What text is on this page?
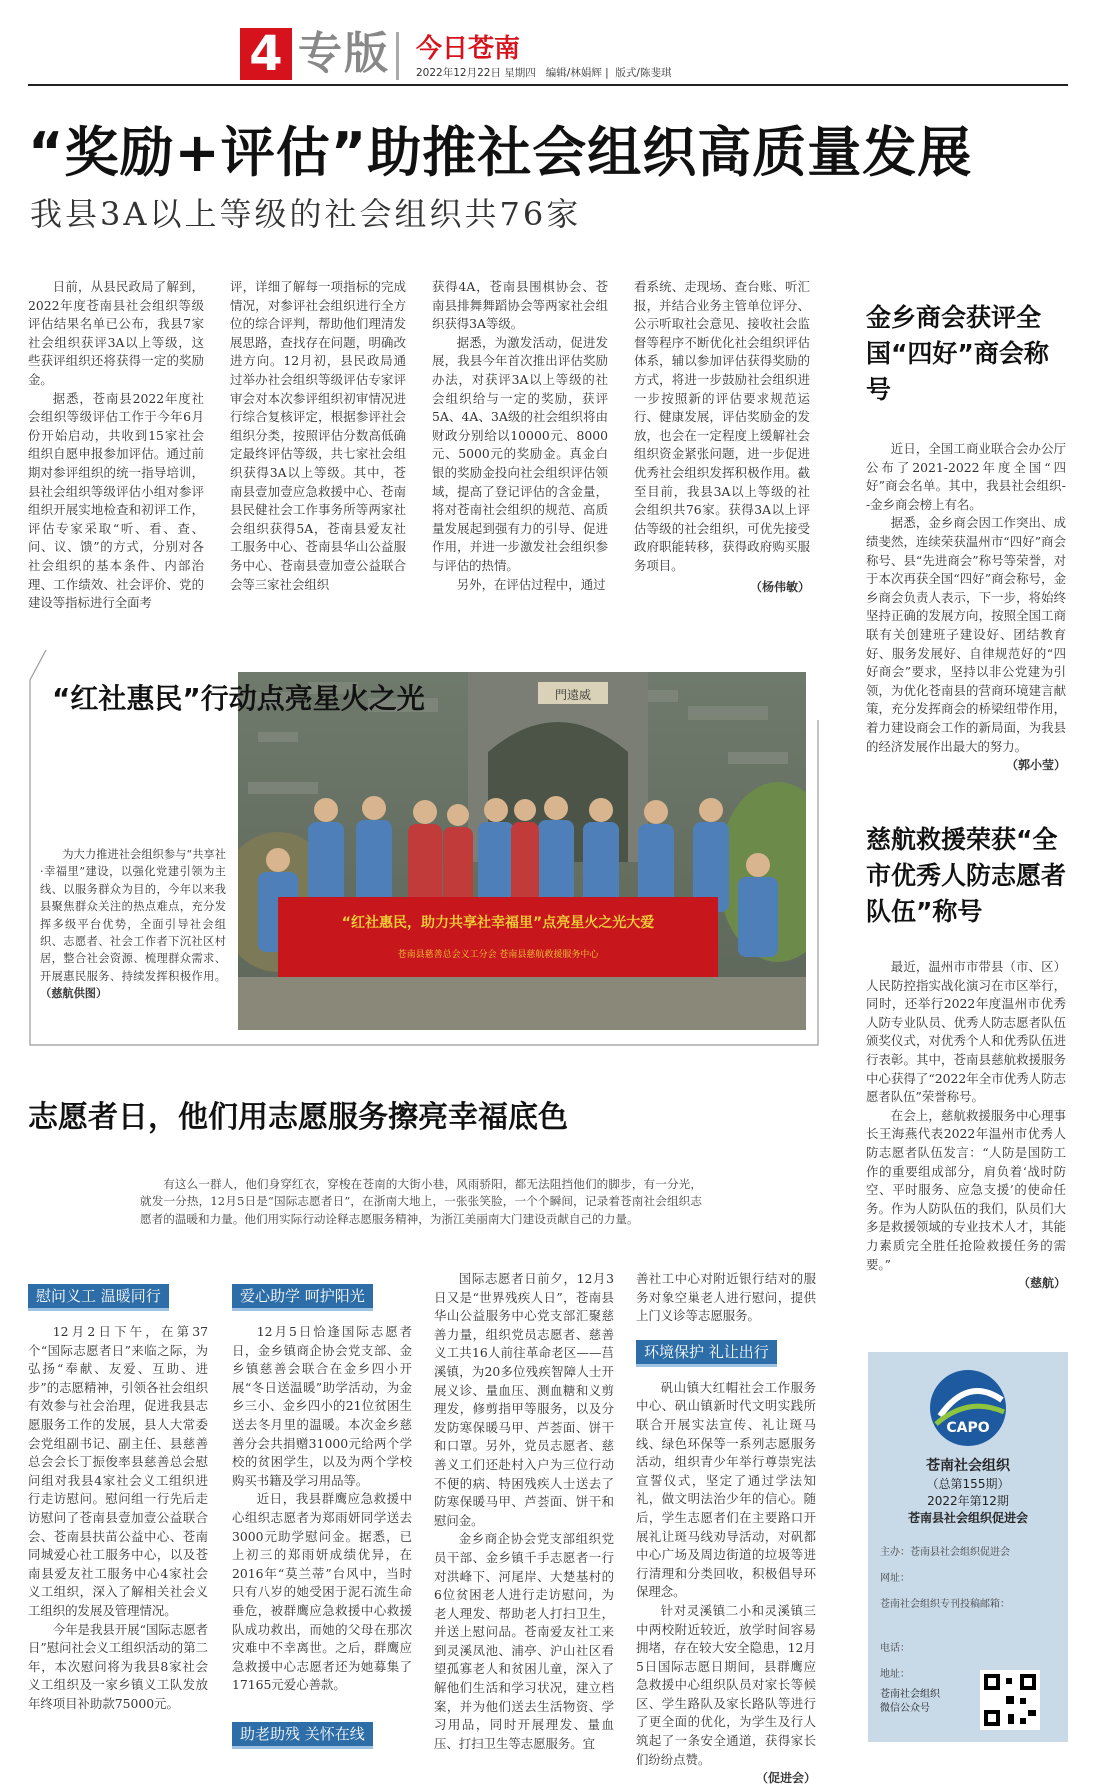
4 专版 今日苍南
2022年12月22日 星期四 编辑/林娟辉 |  版式/陈斐琪
“奖励+评估”助推社会组织高质量发展
我县3A以上等级的社会组织共76家
日前，从县民政局了解到，2022年度苍南县社会组织等级评估结果名单已公布，我县7家社会组织获评3A以上等级，这些获评组织还将获得一定的奖励金。
据悉，苍南县2022年度社会组织等级评估工作于今年6月份开始启动，共收到15家社会组织自愿申报参加评估。通过前期对参评组织的统一指导培训，县社会组织等级评估小组对参评组织开展实地检查和初评工作，评估专家采取“听、看、查、问、议、馈”的方式，分别对各社会组织的基本条件、内部治理、工作绩效、社会评价、党的建设等指标进行全面考
评，详细了解每一项指标的完成情况，对参评社会组织进行全方位的综合评判，帮助他们理清发展思路，查找存在问题，明确改进方向。12月初，县民政局通过举办社会组织等级评估专家评审会对本次参评组织初审情况进行综合复核评定，根据参评社会组织分类，按照评估分数高低确定最终评估等级，共七家社会组织获得3A以上等级。其中，苍南县壹加壹应急救援中心、苍南县民健社会工作事务所等两家社会组织获得5A，苍南县爱友社工服务中心、苍南县华山公益服务中心、苍南县壹加壹公益联合会等三家社会组织
获得4A，苍南县围棋协会、苍南县排舞舞蹈协会等两家社会组织获得3A等级。
据悉，为激发活动，促进发展，我县今年首次推出评估奖励办法，对获评3A以上等级的社会组织给与一定的奖励，获评5A、4A、3A级的社会组织将由财政分别给以10000元、8000元、5000元的奖励金。真金白银的奖励金投向社会组织评估领域，提高了登记评估的含金量，将对苍南社会组织的规范、高质量发展起到强有力的引导、促进作用，并进一步激发社会组织参与评估的热情。
另外，在评估过程中，通过
看系统、走现场、查台账、听汇报，并结合业务主管单位评分、公示听取社会意见、接收社会监督等程序不断优化社会组织评估体系，辅以参加评估获得奖励的方式，将进一步鼓励社会组织进一步按照新的评估要求规范运行、健康发展，评估奖励金的发放，也会在一定程度上缓解社会组织资金紧张问题，进一步促进优秀社会组织发挥积极作用。截至目前，我县3A以上等级的社会组织共76家。获得3A以上评估等级的社会组织，可优先接受政府职能转移，获得政府购买服务项目。
（杨伟敏）
金乡商会获评全国“四好”商会称号
近日，全国工商业联合会办公厅公布了2021-2022年度全国“四好”商会名单。其中，我县社会组织--金乡商会榜上有名。
据悉，金乡商会因工作突出、成绩斐然，连续荣获温州市“四好”商会称号、县“先进商会”称号等荣誉，对于本次再获全国“四好”商会称号，金乡商会负责人表示，下一步，将始终坚持正确的发展方向，按照全国工商联有关创建班子建设好、团结教育好、服务发展好、自律规范好的“四好商会”要求，坚持以非公党建为引领，为优化苍南县的营商环境建言献策，充分发挥商会的桥梁纽带作用，着力建设商会工作的新局面，为我县的经济发展作出最大的努力。
（郭小莹）
“红社惠民”行动点亮星火之光	門遠威
“红社惠民，助力共享社幸福里”点亮星火之光大爱
苍南县慈善总会义工分会 苍南县慈航救援服务中心
为大力推进社会组织参与“共享社·幸福里”建设，以强化党建引领为主线、以服务群众为目的，今年以来我县聚焦群众关注的热点难点，充分发挥多级平台优势，全面引导社会组织、志愿者、社会工作者下沉社区村居，整合社会资源、梳理群众需求、开展惠民服务、持续发挥积极作用。（慈航供图）
慈航救援荣获“全市优秀人防志愿者队伍”称号
最近，温州市市带县（市、区）人民防控指实战化演习在市区举行，同时，还举行2022年度温州市优秀人防专业队员、优秀人防志愿者队伍颁奖仪式，对优秀个人和优秀队伍进行表彰。其中，苍南县慈航救援服务中心获得了“2022年全市优秀人防志愿者队伍”荣誉称号。
在会上，慈航救援服务中心理事长王海燕代表2022年温州市优秀人防志愿者队伍发言：“人防是国防工作的重要组成部分，肩负着‘战时防空、平时服务、应急支援’的使命任务。作为人防队伍的我们，队员们大多是救援领域的专业技术人才，其能力素质完全胜任抢险救援任务的需要。”
（慈航）
志愿者日，他们用志愿服务擦亮幸福底色
有这么一群人，他们身穿红衣，穿梭在苍南的大街小巷，风雨骄阳，都无法阻挡他们的脚步，有一分光，就发一分热，12月5日是“国际志愿者日”，在浙南大地上，一张张笑脸，一个个瞬间，记录着苍南社会组织志愿者的温暖和力量。他们用实际行动诠释志愿服务精神，为浙江美丽南大门建设贡献自己的力量。
慰问义工 温暖同行
12月2日下午，在第37个“国际志愿者日”来临之际，为弘扬“奉献、友爱、互助、进步”的志愿精神，引领各社会组织有效参与社会治理，促进我县志愿服务工作的发展，县人大常委会党组副书记、副主任、县慈善总会会长丁振俊率县慈善总会慰问组对我县4家社会义工组织进行走访慰问。慰问组一行先后走访慰问了苍南县壹加壹公益联合会、苍南县扶苗公益中心、苍南同城爱心社工服务中心，以及苍南县爱友社工服务中心4家社会义工组织，深入了解相关社会义工组织的发展及管理情况。
今年是我县开展“国际志愿者日”慰问社会义工组织活动的第二年，本次慰问将为我县8家社会义工组织及一家乡镇义工队发放年终项目补助款75000元。
爱心助学 呵护阳光
12月5日恰逢国际志愿者日，金乡镇商企协会党支部、金乡镇慈善会联合在金乡四小开展“冬日送温暖”助学活动，为金乡三小、金乡四小的21位贫困生送去冬月里的温暖。本次金乡慈善分会共捐赠31000元给两个学校的贫困学生，以及为两个学校购买书籍及学习用品等。
近日，我县群鹰应急救援中心组织志愿者为郑雨妍同学送去3000元助学慰问金。据悉，已上初三的郑雨妍成绩优异，在2016年“莫兰蒂”台风中，当时只有八岁的她受困于泥石流生命垂危，被群鹰应急救援中心救援队成功救出，而她的父母在那次灾难中不幸离世。之后，群鹰应急救援中心志愿者还为她募集了17165元爱心善款。
助老助残 关怀在线
国际志愿者日前夕，12月3日又是“世界残疾人日”，苍南县华山公益服务中心党支部汇聚慈善力量，组织党员志愿者、慈善义工共16人前往革命老区——莒溪镇，为20多位残疾智障人士开展义诊、量血压、测血糖和义剪理发，修剪指甲等服务，以及分发防寒保暖马甲、芦荟面、饼干和口罩。另外，党员志愿者、慈善义工们还赴村入户为三位行动不便的病、特困残疾人士送去了防寒保暖马甲、芦荟面、饼干和慰问金。
金乡商企协会党支部组织党员干部、金乡镇千手志愿者一行对洪峰下、河尾岸、大楚基村的6位贫困老人进行走访慰问，为老人理发、帮助老人打扫卫生，并送上慰问品。苍南爱友社工来到灵溪凤池、浦亭、沪山社区看望孤寡老人和贫困儿童，深入了解他们生活和学习状况，建立档案，并为他们送去生活物资、学习用品，同时开展理发、量血压、打扫卫生等志愿服务。宜
善社工中心对附近银行结对的服务对象空巢老人进行慰问，提供上门义诊等志愿服务。
环境保护 礼让出行
矾山镇大红帽社会工作服务中心、矾山镇新时代文明实践所联合开展实法宣传、礼让斑马线、绿色环保等一系列志愿服务活动，组织青少年举行尊崇宪法宣誓仪式，坚定了通过学法知礼，做文明法治少年的信心。随后，学生志愿者们在主要路口开展礼让斑马线劝导活动，对矾都中心广场及周边街道的垃圾等进行清理和分类回收，积极倡导环保理念。
针对灵溪镇二小和灵溪镇三中两校附近较近，放学时间容易拥堵，存在较大安全隐患，12月5日国际志愿日期间，县群鹰应急救援中心组织队员对家长等候区、学生路队及家长路队等进行了更全面的优化，为学生及行人筑起了一条安全通道，获得家长们纷纷点赞。
（促进会）
CAPO
苍南社会组织
（总第155期）
2022年第12期
苍南县社会组织促进会
主办：苍南县社会组织促进会
网址：
苍南社会组织专刊投稿邮箱：
电话：
地址：
苍南社会组织
微信公众号
